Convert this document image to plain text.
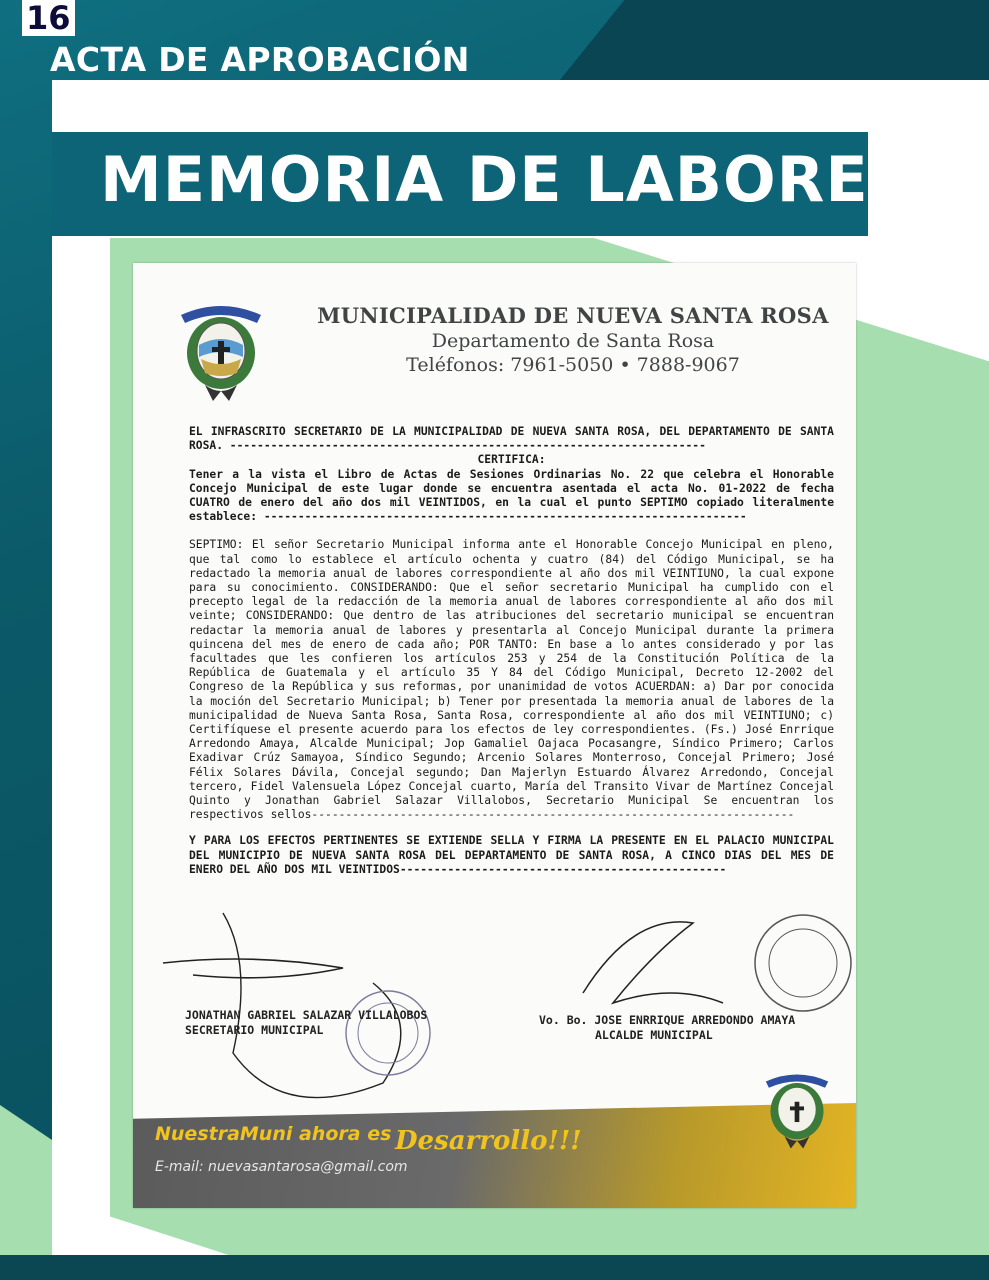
16
ACTA DE APROBACIÓN
MEMORIA DE LABORES
MUNICIPALIDAD DE NUEVA SANTA ROSA
Departamento de Santa Rosa
Teléfonos: 7961-5050 • 7888-9067

EL INFRASCRITO SECRETARIO DE LA MUNICIPALIDAD DE NUEVA SANTA ROSA, DEL DEPARTAMENTO DE SANTA ROSA. ----------------------------------------------------------------------

CERTIFICA:

Tener a la vista el Libro de Actas de Sesiones Ordinarias No. 22 que celebra el Honorable Concejo Municipal de este lugar donde se encuentra asentada el acta No. 01-2022 de fecha CUATRO de enero del año dos mil VEINTIDOS, en la cual el punto SEPTIMO copiado literalmente establece: -----------------------------------------------------------------------

SEPTIMO: El señor Secretario Municipal informa ante el Honorable Concejo Municipal en pleno, que tal como lo establece el artículo ochenta y cuatro (84) del Código Municipal, se ha redactado la memoria anual de labores correspondiente al año dos mil VEINTIUNO, la cual expone para su conocimiento. CONSIDERANDO: Que el señor secretario Municipal ha cumplido con el precepto legal de la redacción de la memoria anual de labores correspondiente al año dos mil veinte; CONSIDERANDO: Que dentro de las atribuciones del secretario municipal se encuentran redactar la memoria anual de labores y presentarla al Concejo Municipal durante la primera quincena del mes de enero de cada año; POR TANTO: En base a lo antes considerado y por las facultades que les confieren los artículos 253 y 254 de la Constitución Política de la República de Guatemala y el artículo 35 Y 84 del Código Municipal, Decreto 12-2002 del Congreso de la República y sus reformas, por unanimidad de votos ACUERDAN: a) Dar por conocida la moción del Secretario Municipal; b) Tener por presentada la memoria anual de labores de la municipalidad de Nueva Santa Rosa, Santa Rosa, correspondiente al año dos mil VEINTIUNO; c) Certifíquese el presente acuerdo para los efectos de ley correspondientes. (Fs.) José Enrrique Arredondo Amaya, Alcalde Municipal; Jop Gamaliel Oajaca Pocasangre, Síndico Primero; Carlos Exadivar Crúz Samayoa, Síndico Segundo; Arcenio Solares Monterroso, Concejal Primero; José Félix Solares Dávila, Concejal segundo; Dan Majerlyn Estuardo Álvarez Arredondo, Concejal tercero, Fidel Valensuela López Concejal cuarto, María del Transito Vivar de Martínez Concejal Quinto y Jonathan Gabriel Salazar Villalobos, Secretario Municipal Se encuentran los respectivos sellos-----------------------------------------------------------------------

Y PARA LOS EFECTOS PERTINENTES SE EXTIENDE SELLA Y FIRMA LA PRESENTE EN EL PALACIO MUNICIPAL DEL MUNICIPIO DE NUEVA SANTA ROSA DEL DEPARTAMENTO DE SANTA ROSA, A CINCO DIAS DEL MES DE ENERO DEL AÑO DOS MIL VEINTIDOS------------------------------------------------

JONATHAN GABRIEL SALAZAR VILLALOBOS
SECRETARIO MUNICIPAL
Vo. Bo. JOSE ENRRIQUE ARREDONDO AMAYA
ALCALDE MUNICIPAL
NuestraMuni ahora es Desarrollo!!!
E-mail: nuevasantarosa@gmail.com
